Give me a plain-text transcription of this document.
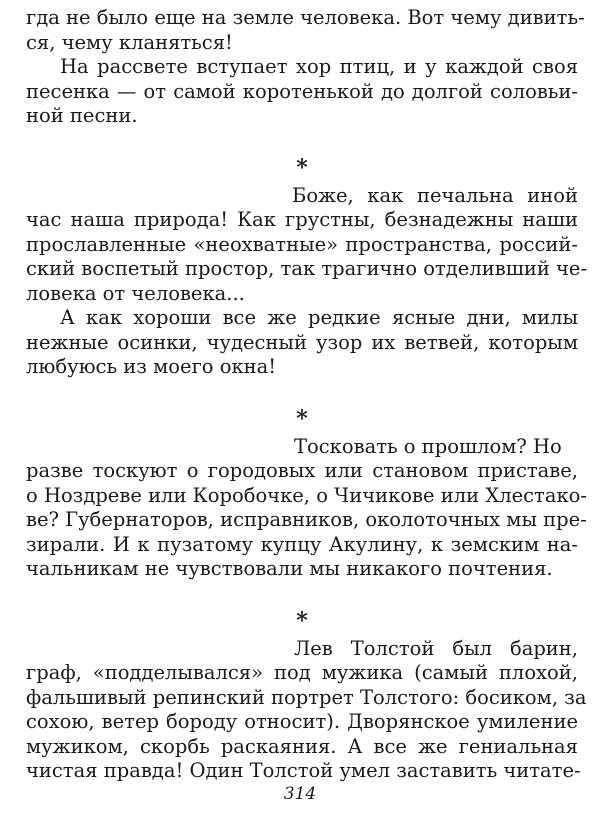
гда не было еще на земле человека. Вот чему дивить-
ся, чему кланяться!
На рассвете вступает хор птиц, и у каждой своя
песенка — от самой коротенькой до долгой соловьи-
ной песни.
*
Боже, как печальна иной
час наша природа! Как грустны, безнадежны наши
прославленные «неохватные» пространства, россий-
ский воспетый простор, так трагично отделивший че-
ловека от человека...
А как хороши все же редкие ясные дни, милы
нежные осинки, чудесный узор их ветвей, которым
любуюсь из моего окна!
*
Тосковать о прошлом? Но
разве тоскуют о городовых или становом приставе,
о Ноздреве или Коробочке, о Чичикове или Хлестако-
ве? Губернаторов, исправников, околоточных мы пре-
зирали. И к пузатому купцу Акулину, к земским на-
чальникам не чувствовали мы никакого почтения.
*
Лев Толстой был барин,
граф, «подделывался» под мужика (самый плохой,
фальшивый репинский портрет Толстого: босиком, за
сохою, ветер бороду относит). Дворянское умиление
мужиком, скорбь раскаяния. А все же гениальная
чистая правда! Один Толстой умел заставить читате-
314
